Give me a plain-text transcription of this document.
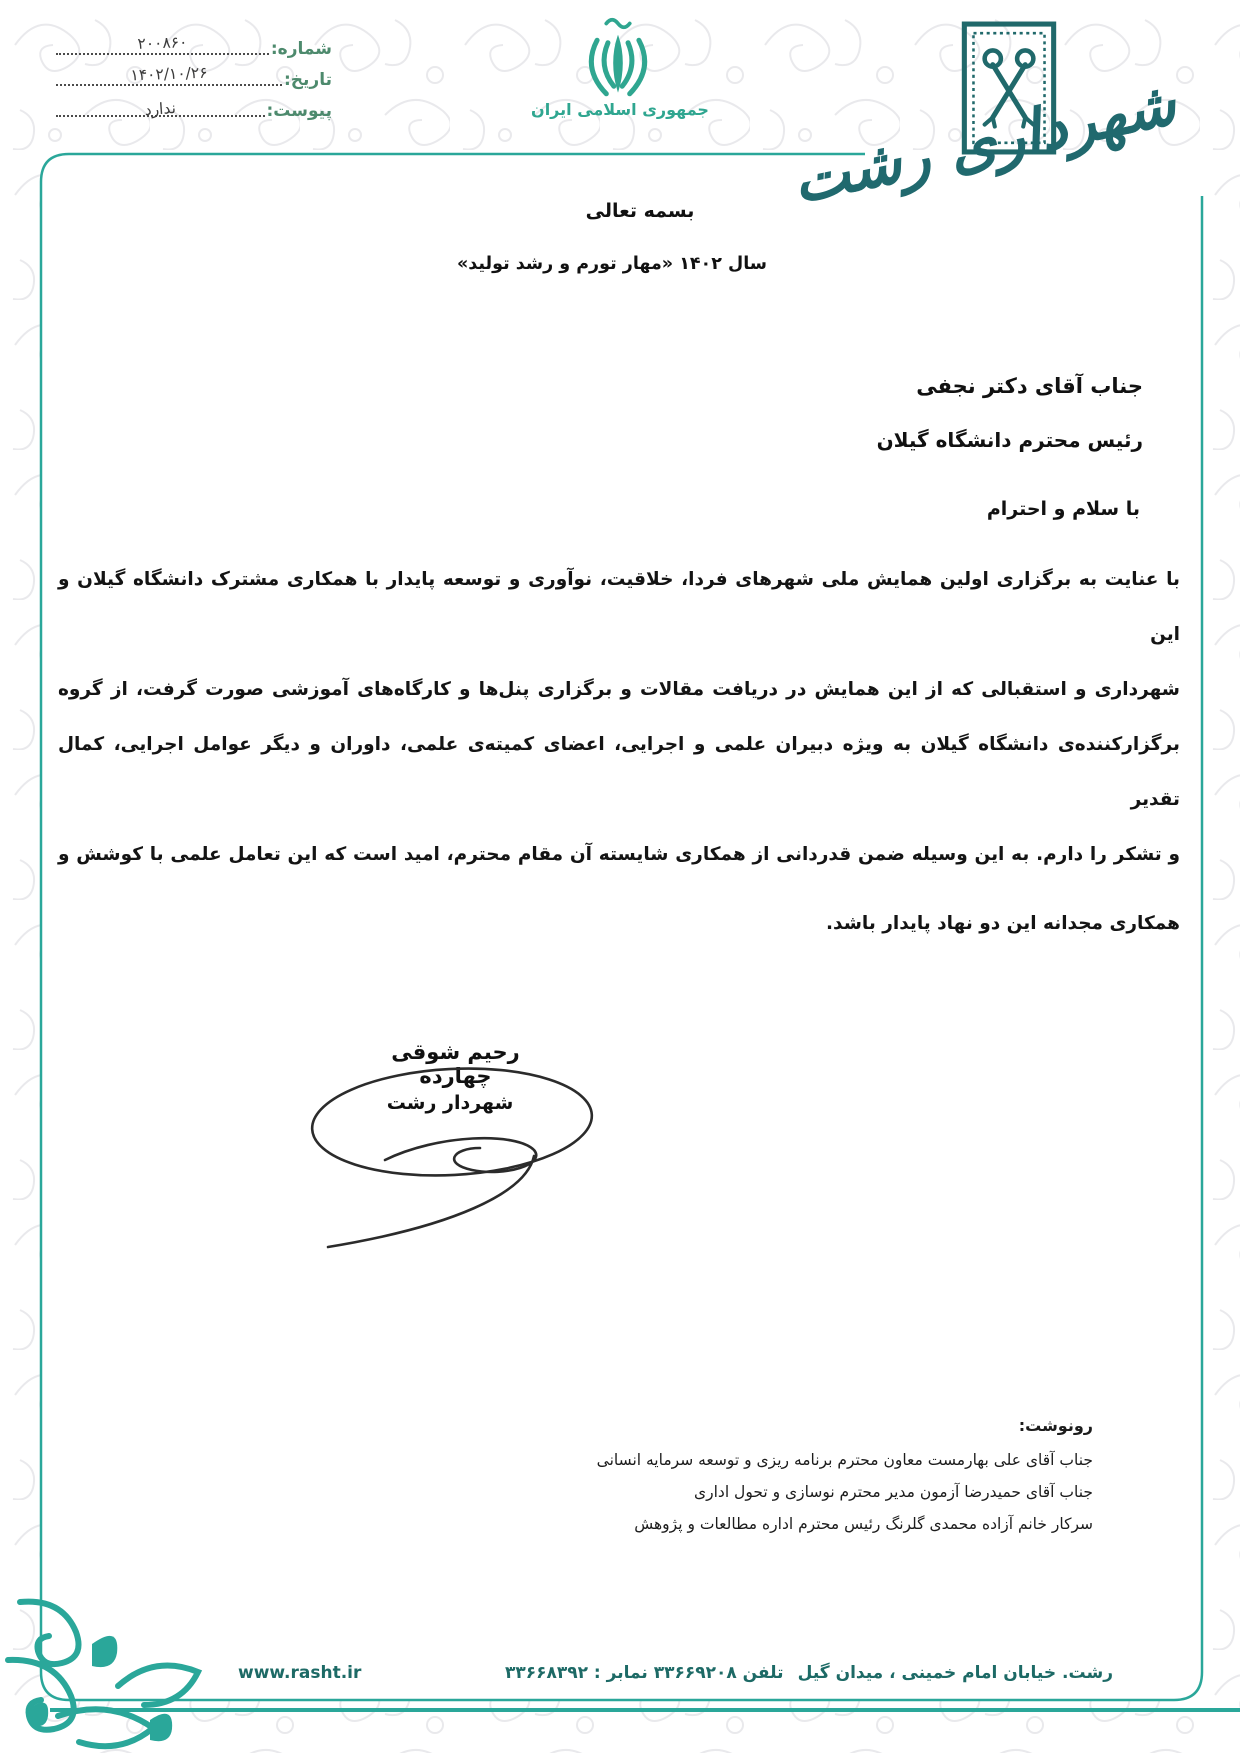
شماره:
۲۰۰۸۶۰
تاریخ:
۱۴۰۲/۱۰/۲۶
پیوست:
ندارد	جمهوری اسلامی ایران	شهرداری رشت
بسمه تعالی
سال ۱۴۰۲ «مهار تورم و رشد تولید»
جناب آقای دکتر نجفی
رئیس محترم دانشگاه گیلان
با سلام و احترام
با عنایت به برگزاری اولین همایش ملی شهرهای فردا، خلاقیت، نوآوری و توسعه پایدار با همکاری مشترک دانشگاه گیلان و این
شهرداری و استقبالی که از این همایش در دریافت مقالات و برگزاری پنل‌ها و کارگاه‌های آموزشی صورت گرفت، از گروه
برگزارکننده‌ی دانشگاه گیلان به ویژه دبیران علمی و اجرایی، اعضای کمیته‌ی علمی، داوران و دیگر عوامل اجرایی، کمال تقدیر
و تشکر را دارم. به این وسیله ضمن قدردانی از همکاری شایسته آن مقام محترم، امید است که این تعامل علمی با کوشش و
همکاری مجدانه این دو نهاد پایدار باشد.
رحیم شوقی چهارده
شهردار رشت
رونوشت:
جناب آقای علی بهارمست معاون محترم برنامه ریزی و توسعه سرمایه انسانی
جناب آقای حمیدرضا آزمون مدیر محترم نوسازی و تحول اداری
سرکار خانم آزاده محمدی گلرنگ رئیس محترم اداره مطالعات و پژوهش
رشت. خیابان امام خمینی ، میدان گیل
تلفن ۳۳۶۶۹۲۰۸ نمابر : ۳۳۶۶۸۳۹۲
www.rasht.ir
